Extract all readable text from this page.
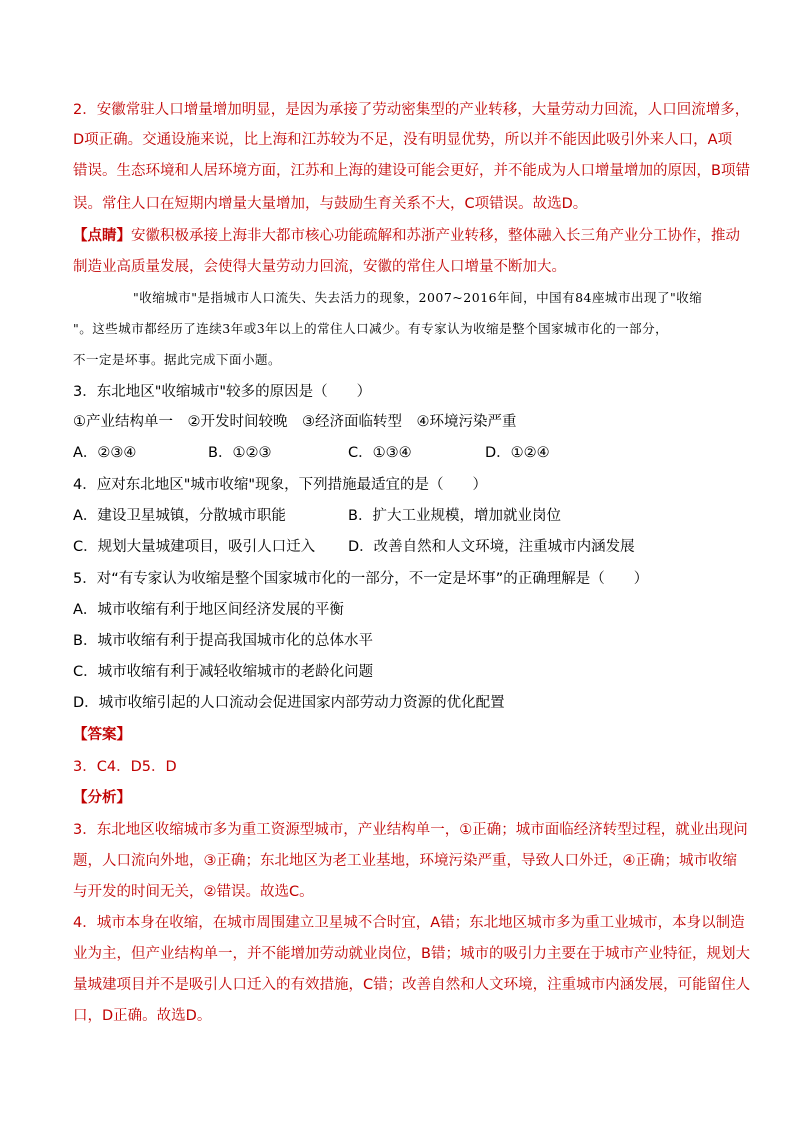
2．安徽常驻人口增量增加明显，是因为承接了劳动密集型的产业转移，大量劳动力回流，人口回流增多，
D项正确。交通设施来说，比上海和江苏较为不足，没有明显优势，所以并不能因此吸引外来人口，A项
错误。生态环境和人居环境方面，江苏和上海的建设可能会更好，并不能成为人口增量增加的原因，B项错
误。常住人口在短期内增量大量增加，与鼓励生育关系不大，C项错误。故选D。
【点睛】安徽积极承接上海非大都市核心功能疏解和苏浙产业转移，整体融入长三角产业分工协作，推动
制造业高质量发展，会使得大量劳动力回流，安徽的常住人口增量不断加大。
"收缩城市"是指城市人口流失、失去活力的现象，2007~2016年间，中国有84座城市出现了"收缩
"。这些城市都经历了连续3年或3年以上的常住人口减少。有专家认为收缩是整个国家城市化的一部分，
不一定是坏事。据此完成下面小题。
3．东北地区"收缩城市"较多的原因是（　　）
①产业结构单一　②开发时间较晚　③经济面临转型　④环境污染严重
A．②③④	B．①②③	C．①③④	D．①②④
4．应对东北地区"城市收缩"现象，下列措施最适宜的是（　　）
A．建设卫星城镇，分散城市职能	B．扩大工业规模，增加就业岗位
C．规划大量城建项目，吸引人口迁入 D．改善自然和人文环境，注重城市内涵发展
5．对“有专家认为收缩是整个国家城市化的一部分，不一定是坏事”的正确理解是（　　）
A．城市收缩有利于地区间经济发展的平衡
B．城市收缩有利于提高我国城市化的总体水平
C．城市收缩有利于减轻收缩城市的老龄化问题
D．城市收缩引起的人口流动会促进国家内部劳动力资源的优化配置
【答案】
3．C4．D5．D
【分析】
3．东北地区收缩城市多为重工资源型城市，产业结构单一，①正确；城市面临经济转型过程，就业出现问
题，人口流向外地，③正确；东北地区为老工业基地，环境污染严重，导致人口外迁，④正确；城市收缩
与开发的时间无关，②错误。故选C。
4．城市本身在收缩，在城市周围建立卫星城不合时宜，A错；东北地区城市多为重工业城市，本身以制造
业为主，但产业结构单一，并不能增加劳动就业岗位，B错；城市的吸引力主要在于城市产业特征，规划大
量城建项目并不是吸引人口迁入的有效措施，C错；改善自然和人文环境，注重城市内涵发展，可能留住人
口，D正确。故选D。
